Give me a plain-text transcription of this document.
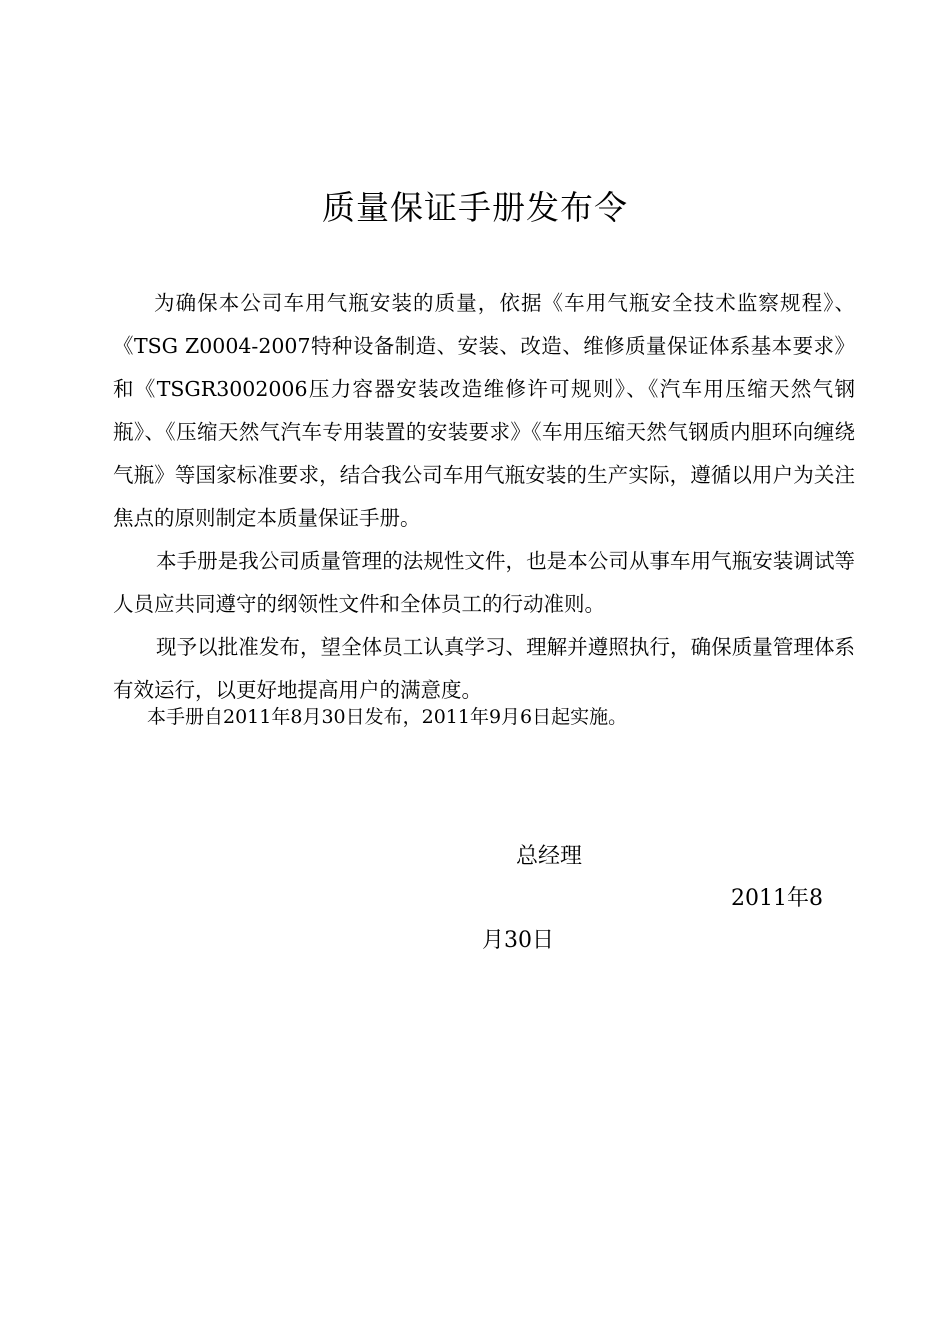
质量保证手册发布令

为确保本公司车用气瓶安装的质量，依据《车用气瓶安全技术监察规程》、《TSG Z0004-2007特种设备制造、安装、改造、维修质量保证体系基本要求》和《TSGR3002006压力容器安装改造维修许可规则》、《汽车用压缩天然气钢瓶》、《压缩天然气汽车专用装置的安装要求》《车用压缩天然气钢质内胆环向缠绕气瓶》等国家标准要求，结合我公司车用气瓶安装的生产实际，遵循以用户为关注焦点的原则制定本质量保证手册。

本手册是我公司质量管理的法规性文件，也是本公司从事车用气瓶安装调试等人员应共同遵守的纲领性文件和全体员工的行动准则。

现予以批准发布，望全体员工认真学习、理解并遵照执行，确保质量管理体系有效运行，以更好地提高用户的满意度。

本手册自2011年8月30日发布，2011年9月6日起实施。
总经理
2011年8
月30日
